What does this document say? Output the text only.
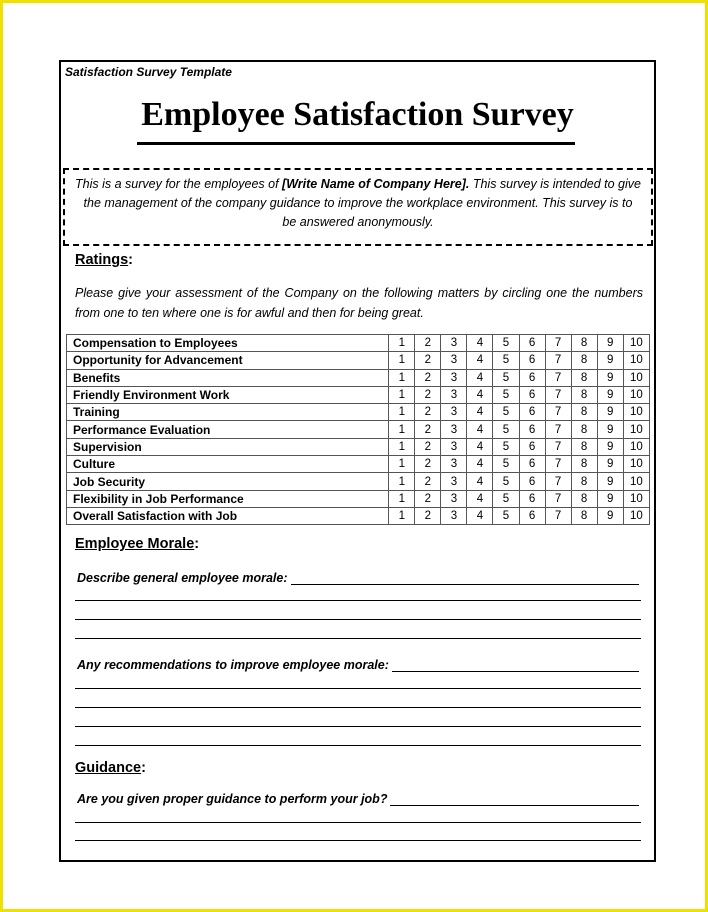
Satisfaction Survey Template
Employee Satisfaction Survey
This is a survey for the employees of [Write Name of Company Here]. This survey is intended to give the management of the company guidance to improve the workplace environment. This survey is to be answered anonymously.
Ratings:
Please give your assessment of the Company on the following matters by circling one the numbers from one to ten where one is for awful and then for being great.
Compensation to Employees	1	2	3	4	5	6	7	8	9	10
Opportunity for Advancement	1	2	3	4	5	6	7	8	9	10
Benefits	1	2	3	4	5	6	7	8	9	10
Friendly Environment Work	1	2	3	4	5	6	7	8	9	10
Training	1	2	3	4	5	6	7	8	9	10
Performance Evaluation	1	2	3	4	5	6	7	8	9	10
Supervision	1	2	3	4	5	6	7	8	9	10
Culture	1	2	3	4	5	6	7	8	9	10
Job Security	1	2	3	4	5	6	7	8	9	10
Flexibility in Job Performance	1	2	3	4	5	6	7	8	9	10
Overall Satisfaction with Job	1	2	3	4	5	6	7	8	9	10
Employee Morale:
Describe general employee morale:
Any recommendations to improve employee morale:
Guidance:
Are you given proper guidance to perform your job?
